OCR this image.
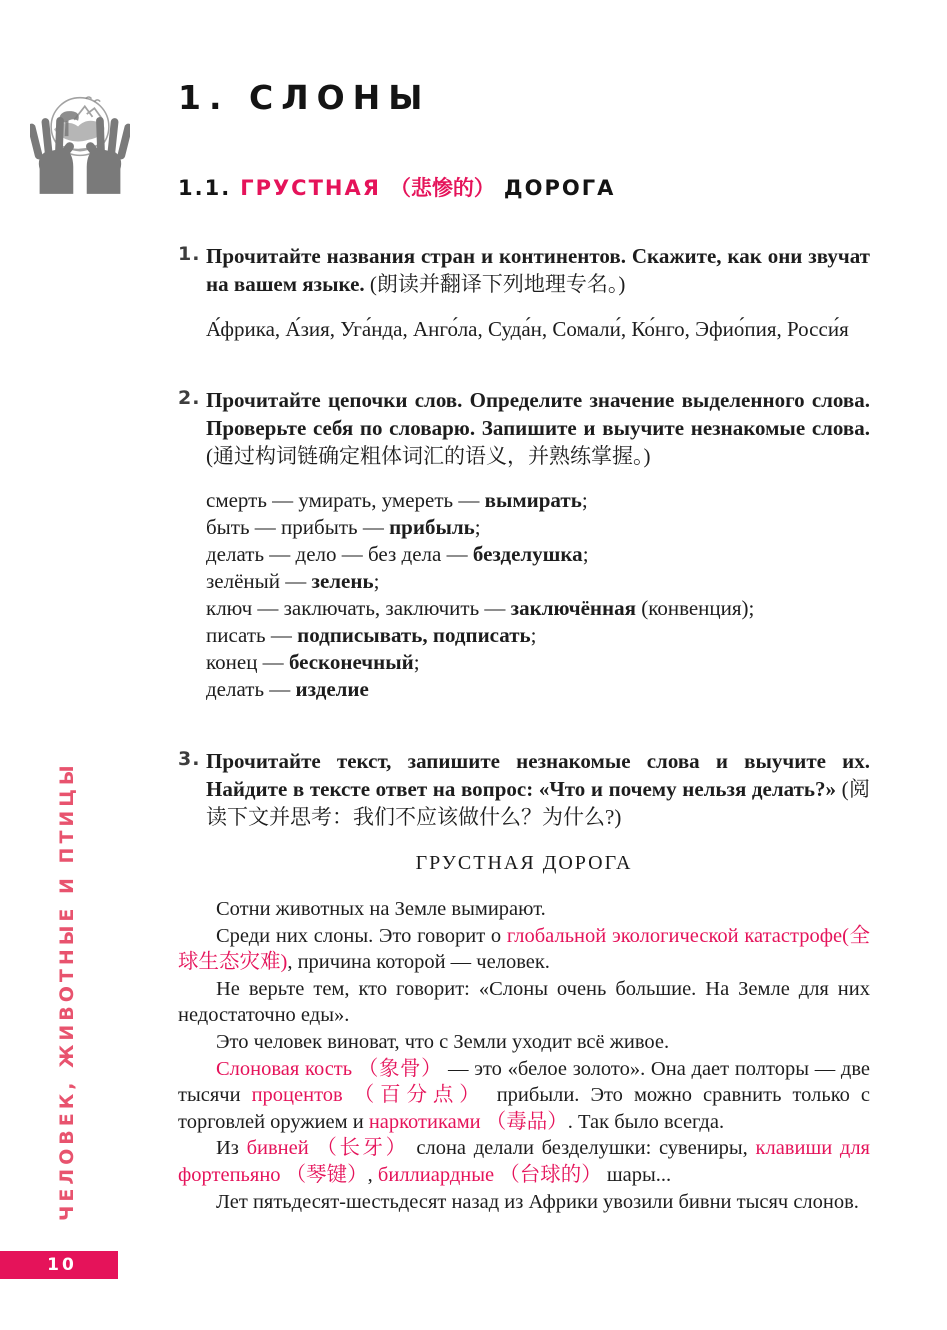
1. СЛОНЫ
1.1. ГРУСТНАЯ （悲惨的） ДОРОГА
1. Прочитайте названия стран и континентов. Скажите, как они звучат на вашем языке. (朗读并翻译下列地理专名。)

А́фрика, А́зия, Уга́нда, Анго́ла, Суда́н, Сомали́, Ко́нго, Эфио́пия, Росси́я

2. Прочитайте цепочки слов. Определите значение выделенного слова. Проверьте себя по словарю. Запишите и выучите незнакомые слова. (通过构词链确定粗体词汇的语义，并熟练掌握。)

смерть — умирать, умереть — вымирать;
быть — прибыть — прибыль;
делать — дело — без дела — безделушка;
зелёный — зелень;
ключ — заключать, заключить — заключённая (конвенция);
писать — подписывать, подписать;
конец — бесконечный;
делать — изделие
3. Прочитайте текст, запишите незнакомые слова и выучите их. Найдите в тексте ответ на вопрос: «Что и почему нельзя делать?» (阅读下文并思考：我们不应该做什么？为什么?)

ГРУСТНАЯ ДОРОГА

Сотни животных на Земле вымирают.

Среди них слоны. Это говорит о глобальной экологической катастрофе(全球生态灾难), причина которой — человек.

Не верьте тем, кто говорит: «Слоны очень большие. На Земле для них недостаточно еды».

Это человек виноват, что с Земли уходит всё живое.

Слоновая кость （象骨） — это «белое золото». Она дает полторы — две тысячи процентов （百分点） прибыли. Это можно сравнить только с торговлей оружием и наркотиками （毒品）. Так было всегда.

Из бивней （长牙） слона делали безделушки: сувениры, клавиши для фортепьяно （琴键）, биллиардные （台球的） шары...

Лет пятьдесят-шестьдесят назад из Африки увозили бивни тысяч слонов.

ЧЕЛОВЕК, ЖИВОТНЫЕ И ПТИЦЫ
10
